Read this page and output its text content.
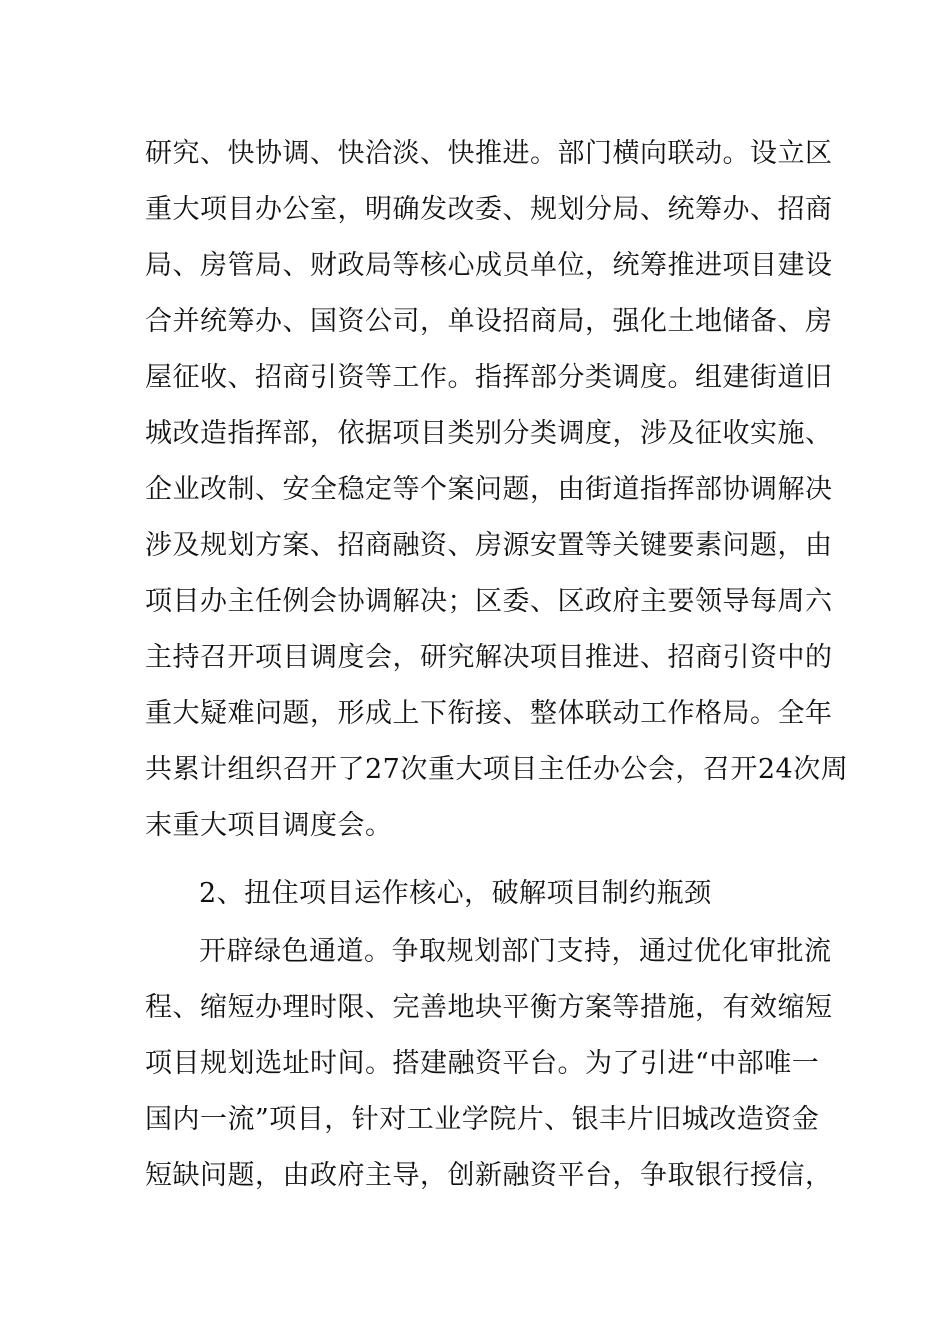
研究、快协调、快洽淡、快推进。部门横向联动。设立区
重大项目办公室，明确发改委、规划分局、统筹办、招商
局、房管局、财政局等核心成员单位，统筹推进项目建设
合并统筹办、国资公司，单设招商局，强化土地储备、房
屋征收、招商引资等工作。指挥部分类调度。组建街道旧
城改造指挥部，依据项目类别分类调度，涉及征收实施、
企业改制、安全稳定等个案问题，由街道指挥部协调解决
涉及规划方案、招商融资、房源安置等关键要素问题，由
项目办主任例会协调解决；区委、区政府主要领导每周六
主持召开项目调度会，研究解决项目推进、招商引资中的
重大疑难问题，形成上下衔接、整体联动工作格局。全年
共累计组织召开了27次重大项目主任办公会，召开24次周
末重大项目调度会。
2、扭住项目运作核心，破解项目制约瓶颈
开辟绿色通道。争取规划部门支持，通过优化审批流
程、缩短办理时限、完善地块平衡方案等措施，有效缩短
项目规划选址时间。搭建融资平台。为了引进“中部唯一
国内一流”项目，针对工业学院片、银丰片旧城改造资金
短缺问题，由政府主导，创新融资平台，争取银行授信，
